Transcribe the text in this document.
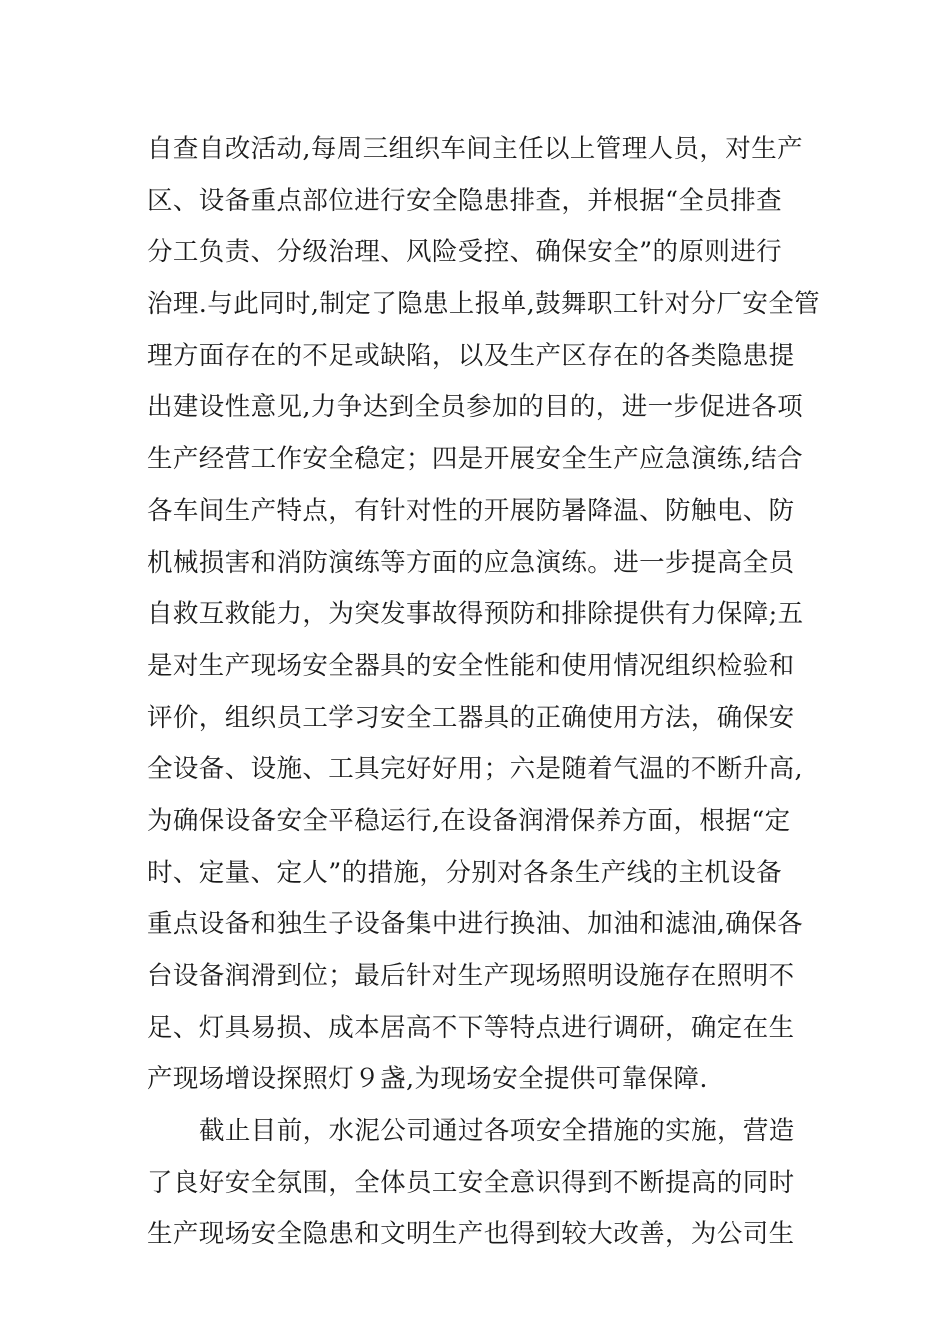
自查自改活动,每周三组织车间主任以上管理人员，对生产
区、设备重点部位进行安全隐患排查，并根据“全员排查
分工负责、分级治理、风险受控、确保安全”的原则进行
治理.与此同时,制定了隐患上报单,鼓舞职工针对分厂安全管
理方面存在的不足或缺陷，以及生产区存在的各类隐患提
出建设性意见,力争达到全员参加的目的，进一步促进各项
生产经营工作安全稳定；四是开展安全生产应急演练,结合
各车间生产特点，有针对性的开展防暑降温、防触电、防
机械损害和消防演练等方面的应急演练。进一步提高全员
自救互救能力，为突发事故得预防和排除提供有力保障;五
是对生产现场安全器具的安全性能和使用情况组织检验和
评价，组织员工学习安全工器具的正确使用方法，确保安
全设备、设施、工具完好好用；六是随着气温的不断升高,
为确保设备安全平稳运行,在设备润滑保养方面，根据“定
时、定量、定人”的措施，分别对各条生产线的主机设备
重点设备和独生子设备集中进行换油、加油和滤油,确保各
台设备润滑到位；最后针对生产现场照明设施存在照明不
足、灯具易损、成本居高不下等特点进行调研，确定在生
产现场增设探照灯９盏,为现场安全提供可靠保障.
截止目前，水泥公司通过各项安全措施的实施，营造
了良好安全氛围，全体员工安全意识得到不断提高的同时
生产现场安全隐患和文明生产也得到较大改善，为公司生
